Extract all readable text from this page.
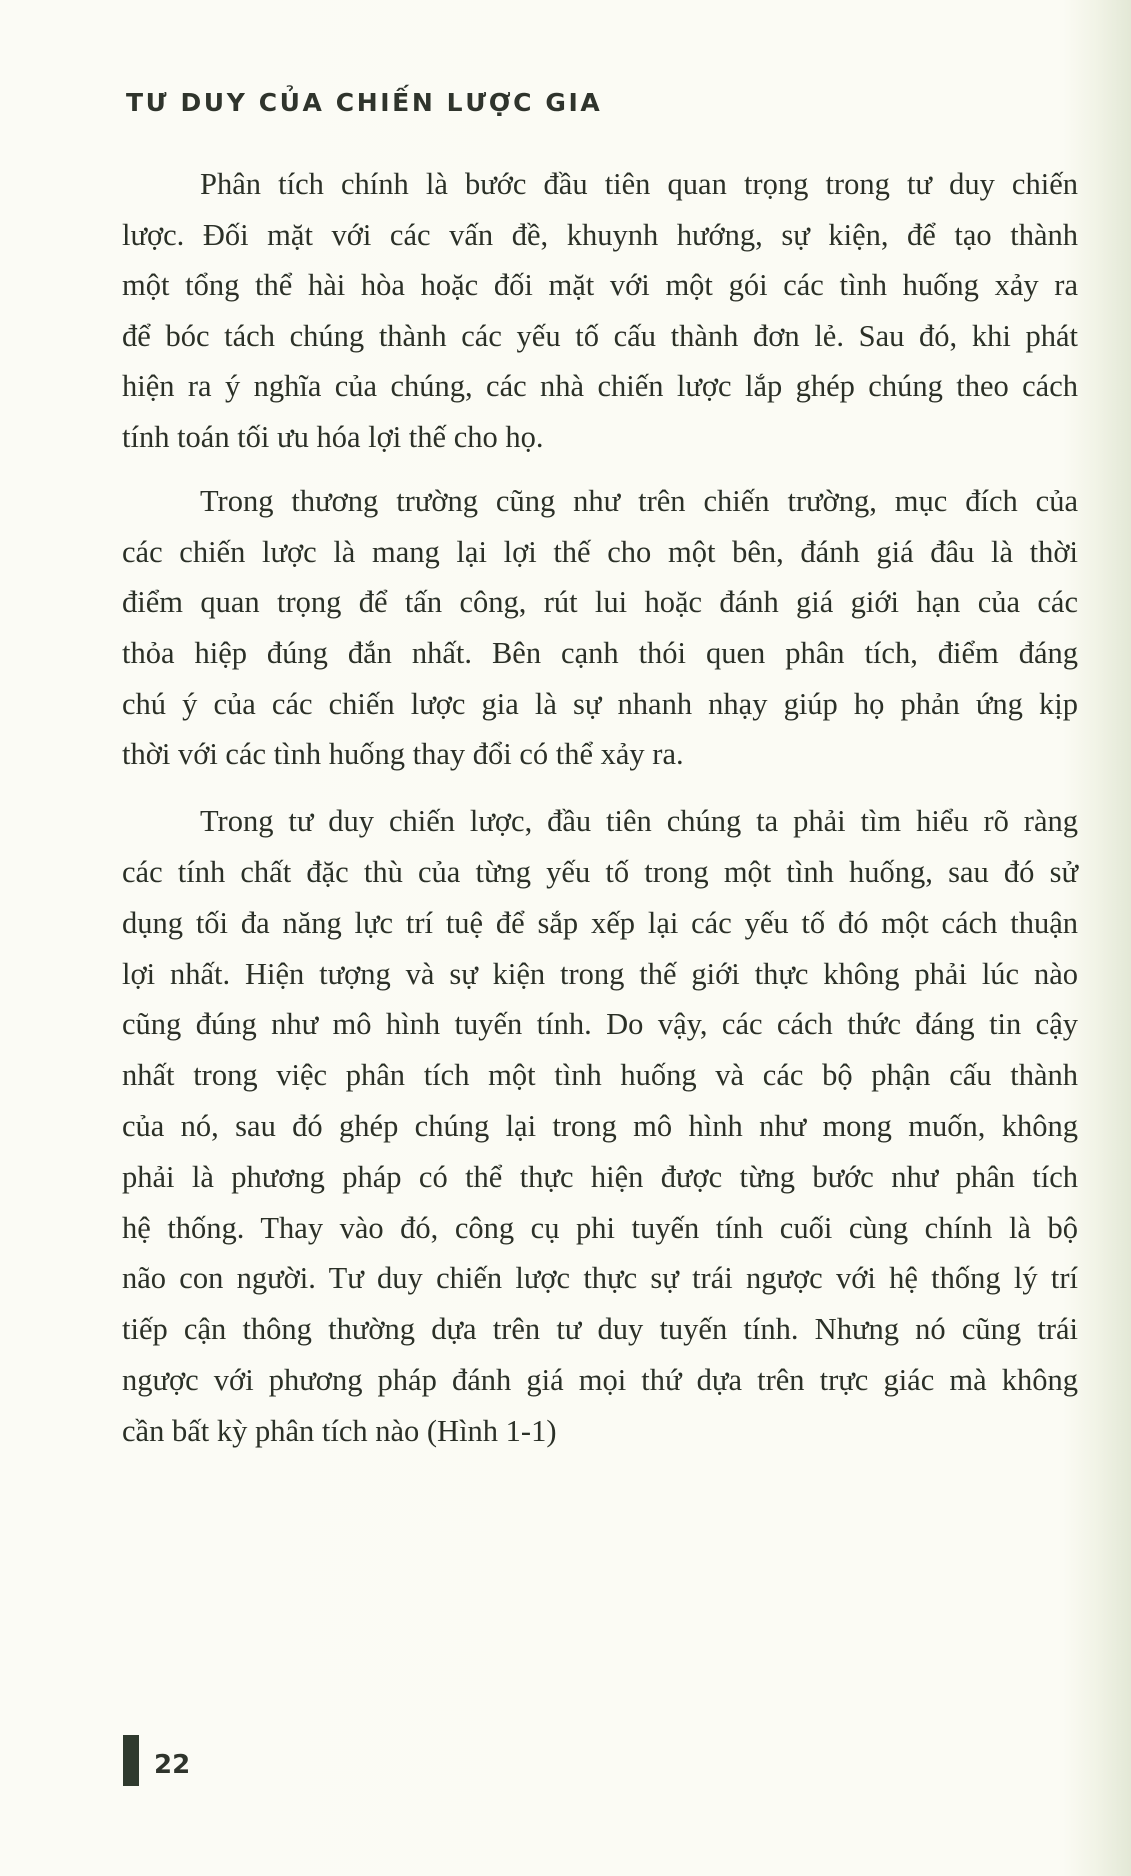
TƯ DUY CỦA CHIẾN LƯỢC GIA
Phân tích chính là bước đầu tiên quan trọng trong tư duy chiến
lược. Đối mặt với các vấn đề, khuynh hướng, sự kiện, để tạo thành
một tổng thể hài hòa hoặc đối mặt với một gói các tình huống xảy ra
để bóc tách chúng thành các yếu tố cấu thành đơn lẻ. Sau đó, khi phát
hiện ra ý nghĩa của chúng, các nhà chiến lược lắp ghép chúng theo cách
tính toán tối ưu hóa lợi thế cho họ.
Trong thương trường cũng như trên chiến trường, mục đích của
các chiến lược là mang lại lợi thế cho một bên, đánh giá đâu là thời
điểm quan trọng để tấn công, rút lui hoặc đánh giá giới hạn của các
thỏa hiệp đúng đắn nhất. Bên cạnh thói quen phân tích, điểm đáng
chú ý của các chiến lược gia là sự nhanh nhạy giúp họ phản ứng kịp
thời với các tình huống thay đổi có thể xảy ra.
Trong tư duy chiến lược, đầu tiên chúng ta phải tìm hiểu rõ ràng
các tính chất đặc thù của từng yếu tố trong một tình huống, sau đó sử
dụng tối đa năng lực trí tuệ để sắp xếp lại các yếu tố đó một cách thuận
lợi nhất. Hiện tượng và sự kiện trong thế giới thực không phải lúc nào
cũng đúng như mô hình tuyến tính. Do vậy, các cách thức đáng tin cậy
nhất trong việc phân tích một tình huống và các bộ phận cấu thành
của nó, sau đó ghép chúng lại trong mô hình như mong muốn, không
phải là phương pháp có thể thực hiện được từng bước như phân tích
hệ thống. Thay vào đó, công cụ phi tuyến tính cuối cùng chính là bộ
não con người. Tư duy chiến lược thực sự trái ngược với hệ thống lý trí
tiếp cận thông thường dựa trên tư duy tuyến tính. Nhưng nó cũng trái
ngược với phương pháp đánh giá mọi thứ dựa trên trực giác mà không
cần bất kỳ phân tích nào (Hình 1-1)
22
